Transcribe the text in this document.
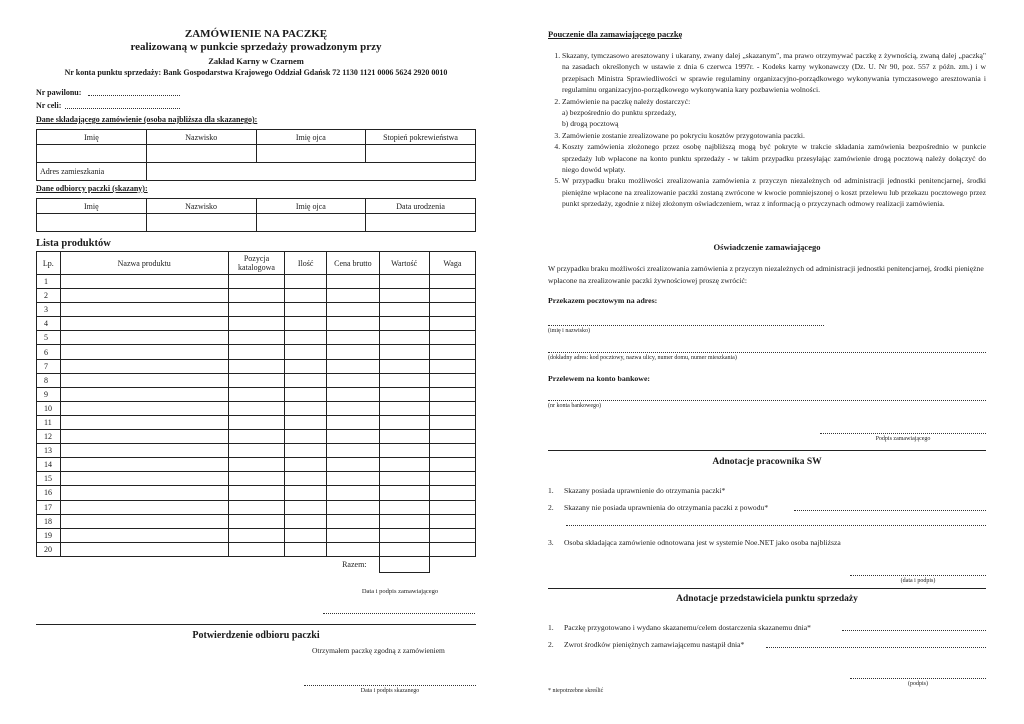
ZAMÓWIENIE NA PACZKĘ
realizowaną w punkcie sprzedaży prowadzonym przy
Zakład Karny w Czarnem
Nr konta punktu sprzedaży: Bank Gospodarstwa Krajowego Oddział Gdańsk 72 1130 1121 0006 5624 2920 0010
Nr pawilonu:
Nr celi:
Dane składającego zamówienie (osoba najbliższa dla skazanego):
Imię	Nazwisko	Imię ojca	Stopień pokrewieństwa

Adres zamieszkania			
Dane odbiorcy paczki (skazany):
Imię	Nazwisko	Imię ojca	Data urodzenia

Lista produktów
Lp.	Nazwa produktu	Pozycja katalogowa	Ilość	Cena brutto	Wartość	Waga
1						
2						
3						
4						
5						
6						
7						
8						
9						
10						
11						
12						
13						
14						
15						
16						
17						
18						
19						
20						
Razem:						
Data i podpis zamawiającego
Potwierdzenie odbioru paczki
Otrzymałem paczkę zgodną z zamówieniem
Data i podpis skazanego
Pouczenie dla zamawiającego paczkę
1. Skazany, tymczasowo aresztowany i ukarany, zwany dalej „skazanym", ma prawo otrzymywać paczkę z żywnością, zwaną dalej „paczką" na zasadach określonych w ustawie z dnia 6 czerwca 1997r. - Kodeks karny wykonawczy (Dz. U. Nr 90, poz. 557 z późn. zm.) i w przepisach Ministra Sprawiedliwości w sprawie regulaminy organizacyjno-porządkowego wykonywania tymczasowego aresztowania i regulaminu organizacyjno-porządkowego wykonywania kary pozbawienia wolności.
2. Zamówienie na paczkę należy dostarczyć:
a) bezpośrednio do punktu sprzedaży,
b) drogą pocztową
3. Zamówienie zostanie zrealizowane po pokryciu kosztów przygotowania paczki.
4. Koszty zamówienia złożonego przez osobę najbliższą mogą być pokryte w trakcie składania zamówienia bezpośrednio w punkcie sprzedaży lub wpłacone na konto punktu sprzedaży - w takim przypadku przesyłając zamówienie drogą pocztową należy dołączyć do niego dowód wpłaty.
5. W przypadku braku możliwości zrealizowania zamówienia z przyczyn niezależnych od administracji jednostki penitencjarnej, środki pieniężne wpłacone na zrealizowanie paczki zostaną zwrócone w kwocie pomniejszonej o koszt przelewu lub przekazu pocztowego przez punkt sprzedaży, zgodnie z niżej złożonym oświadczeniem, wraz z informacją o przyczynach odmowy realizacji zamówienia.
Oświadczenie zamawiającego
W przypadku braku możliwości zrealizowania zamówienia z przyczyn niezależnych od administracji jednostki penitencjarnej, środki pieniężne wpłacone na zrealizowanie paczki żywnościowej proszę zwrócić:
Przekazem pocztowym na adres:
(imię i nazwisko)
(dokładny adres: kod pocztowy, nazwa ulicy, numer domu, numer mieszkania)
Przelewem na konto bankowe:
(nr konta bankowego)
Podpis zamawiającego
Adnotacje pracownika SW
1. Skazany posiada uprawnienie do otrzymania paczki*
2. Skazany nie posiada uprawnienia do otrzymania paczki z powodu*
3. Osoba składająca zamówienie odnotowana jest w systemie Noe.NET jako osoba najbliższa
(data i podpis)
Adnotacje przedstawiciela punktu sprzedaży
1. Paczkę przygotowano i wydano skazanemu/celem dostarczenia skazanemu dnia*
2. Zwrot środków pieniężnych zamawiającemu nastąpił dnia*
(podpis)
* niepotrzebne skreślić
